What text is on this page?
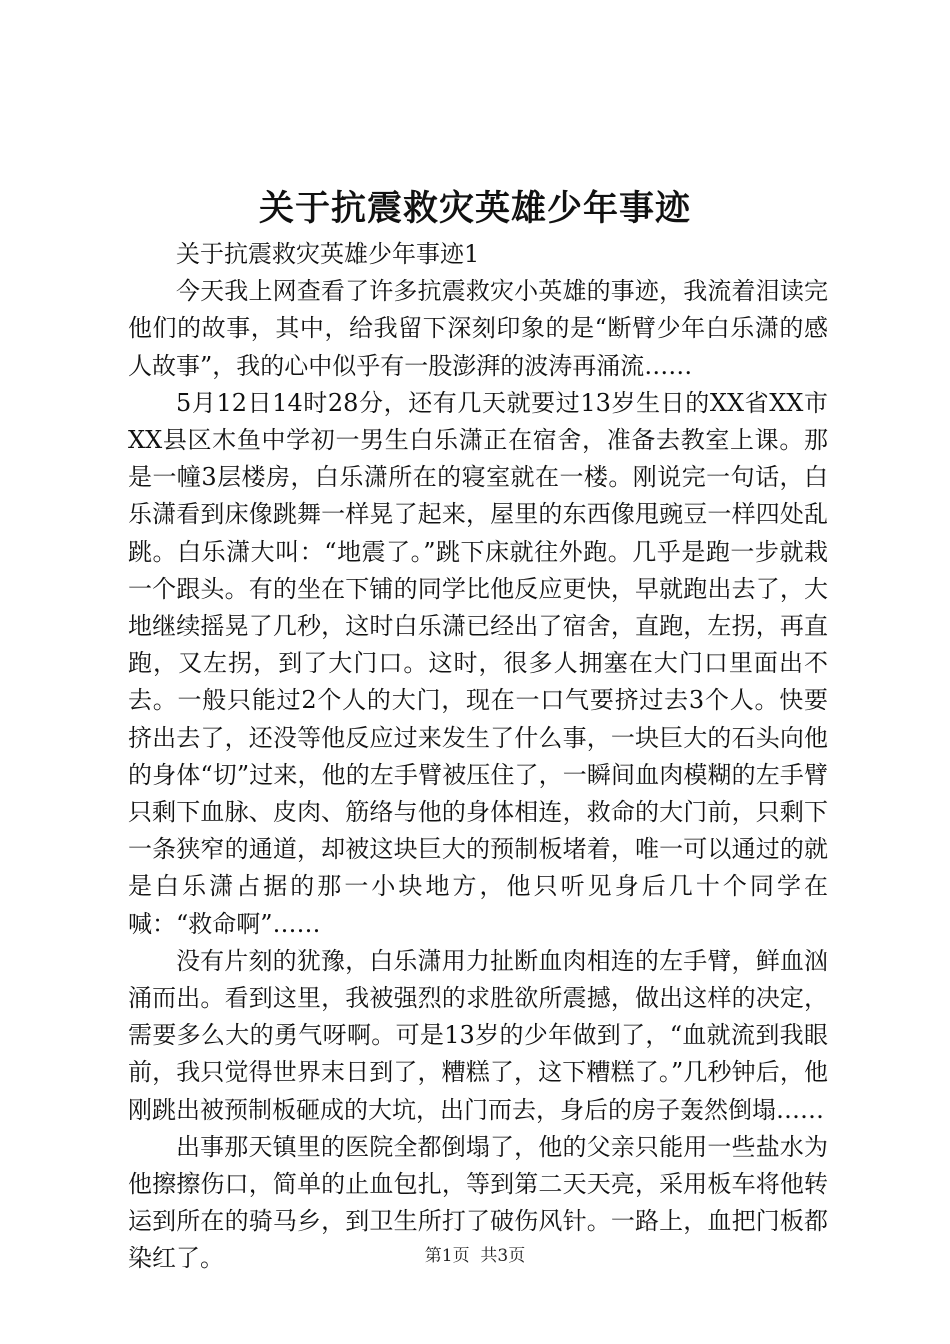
关于抗震救灾英雄少年事迹

关于抗震救灾英雄少年事迹1

今天我上网查看了许多抗震救灾小英雄的事迹，我流着泪读完他们的故事，其中，给我留下深刻印象的是“断臂少年白乐潇的感人故事”，我的心中似乎有一股澎湃的波涛再涌流……

5月12日14时28分，还有几天就要过13岁生日的XX省XX市XX县区木鱼中学初一男生白乐潇正在宿舍，准备去教室上课。那是一幢3层楼房，白乐潇所在的寝室就在一楼。刚说完一句话，白乐潇看到床像跳舞一样晃了起来，屋里的东西像甩豌豆一样四处乱跳。白乐潇大叫：“地震了。”跳下床就往外跑。几乎是跑一步就栽一个跟头。有的坐在下铺的同学比他反应更快，早就跑出去了，大地继续摇晃了几秒，这时白乐潇已经出了宿舍，直跑，左拐，再直跑，又左拐，到了大门口。这时，很多人拥塞在大门口里面出不去。一般只能过2个人的大门，现在一口气要挤过去3个人。快要挤出去了，还没等他反应过来发生了什么事，一块巨大的石头向他的身体“切”过来，他的左手臂被压住了，一瞬间血肉模糊的左手臂只剩下血脉、皮肉、筋络与他的身体相连，救命的大门前，只剩下一条狭窄的通道，却被这块巨大的预制板堵着，唯一可以通过的就是白乐潇占据的那一小块地方，他只听见身后几十个同学在喊：“救命啊”……

没有片刻的犹豫，白乐潇用力扯断血肉相连的左手臂，鲜血汹涌而出。看到这里，我被强烈的求胜欲所震撼，做出这样的决定，需要多么大的勇气呀啊。可是13岁的少年做到了，“血就流到我眼前，我只觉得世界末日到了，糟糕了，这下糟糕了。”几秒钟后，他刚跳出被预制板砸成的大坑，出门而去，身后的房子轰然倒塌……

出事那天镇里的医院全都倒塌了，他的父亲只能用一些盐水为他擦擦伤口，简单的止血包扎，等到第二天天亮，采用板车将他转运到所在的骑马乡，到卫生所打了破伤风针。一路上，血把门板都染红了。	第1页 共3页
